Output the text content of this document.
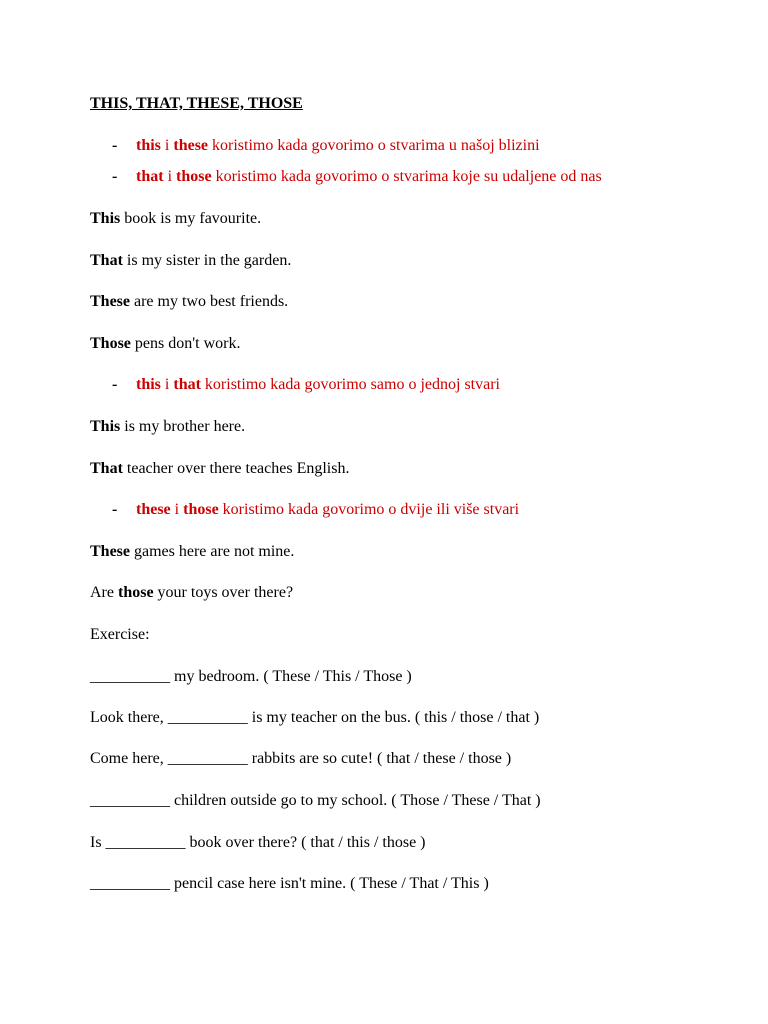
THIS, THAT, THESE, THOSE
- this i these koristimo kada govorimo o stvarima u našoj blizini
- that i those koristimo kada govorimo o stvarima koje su udaljene od nas
This book is my favourite.
That is my sister in the garden.
These are my two best friends.
Those pens don't work.
- this i that koristimo kada govorimo samo o jednoj stvari
This is my brother here.
That teacher over there teaches English.
- these i those koristimo kada govorimo o dvije ili više stvari
These games here are not mine.
Are those your toys over there?
Exercise:
__________ my bedroom. ( These / This / Those )
Look there, __________ is my teacher on the bus. ( this / those / that )
Come here, __________ rabbits are so cute! ( that / these / those )
__________ children outside go to my school. ( Those / These / That )
Is __________ book over there? ( that / this / those )
__________ pencil case here isn't mine. ( These / That / This )
